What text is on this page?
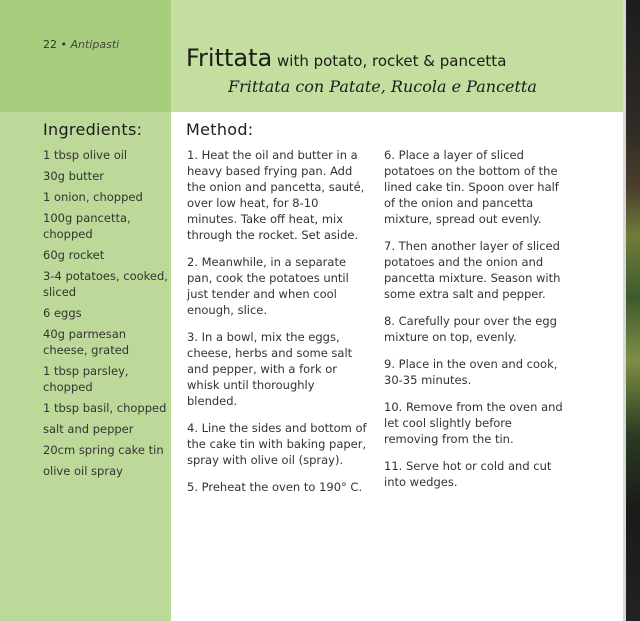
22 • Antipasti	Frittata with potato, rocket & pancetta
Frittata con Patate, Rucola e Pancetta
Ingredients:
1 tbsp olive oil
30g butter
1 onion, chopped
100g pancetta, chopped
60g rocket
3-4 potatoes, cooked, sliced
6 eggs
40g parmesan cheese, grated
1 tbsp parsley, chopped
1 tbsp basil, chopped
salt and pepper
20cm spring cake tin
olive oil spray
Method:

1. Heat the oil and butter in a heavy based frying pan. Add the onion and pancetta, sauté, over low heat, for 8-10 minutes. Take off heat, mix through the rocket. Set aside.

2. Meanwhile, in a separate pan, cook the potatoes until just tender and when cool enough, slice.

3. In a bowl, mix the eggs, cheese, herbs and some salt and pepper, with a fork or whisk until thoroughly blended.

4. Line the sides and bottom of the cake tin with baking paper, spray with olive oil (spray).

5. Preheat the oven to 190° C.

6. Place a layer of sliced potatoes on the bottom of the lined cake tin. Spoon over half of the onion and pancetta mixture, spread out evenly.

7. Then another layer of sliced potatoes and the onion and pancetta mixture. Season with some extra salt and pepper.

8. Carefully pour over the egg mixture on top, evenly.

9. Place in the oven and cook, 30-35 minutes.

10. Remove from the oven and let cool slightly before removing from the tin.

11. Serve hot or cold and cut into wedges.
